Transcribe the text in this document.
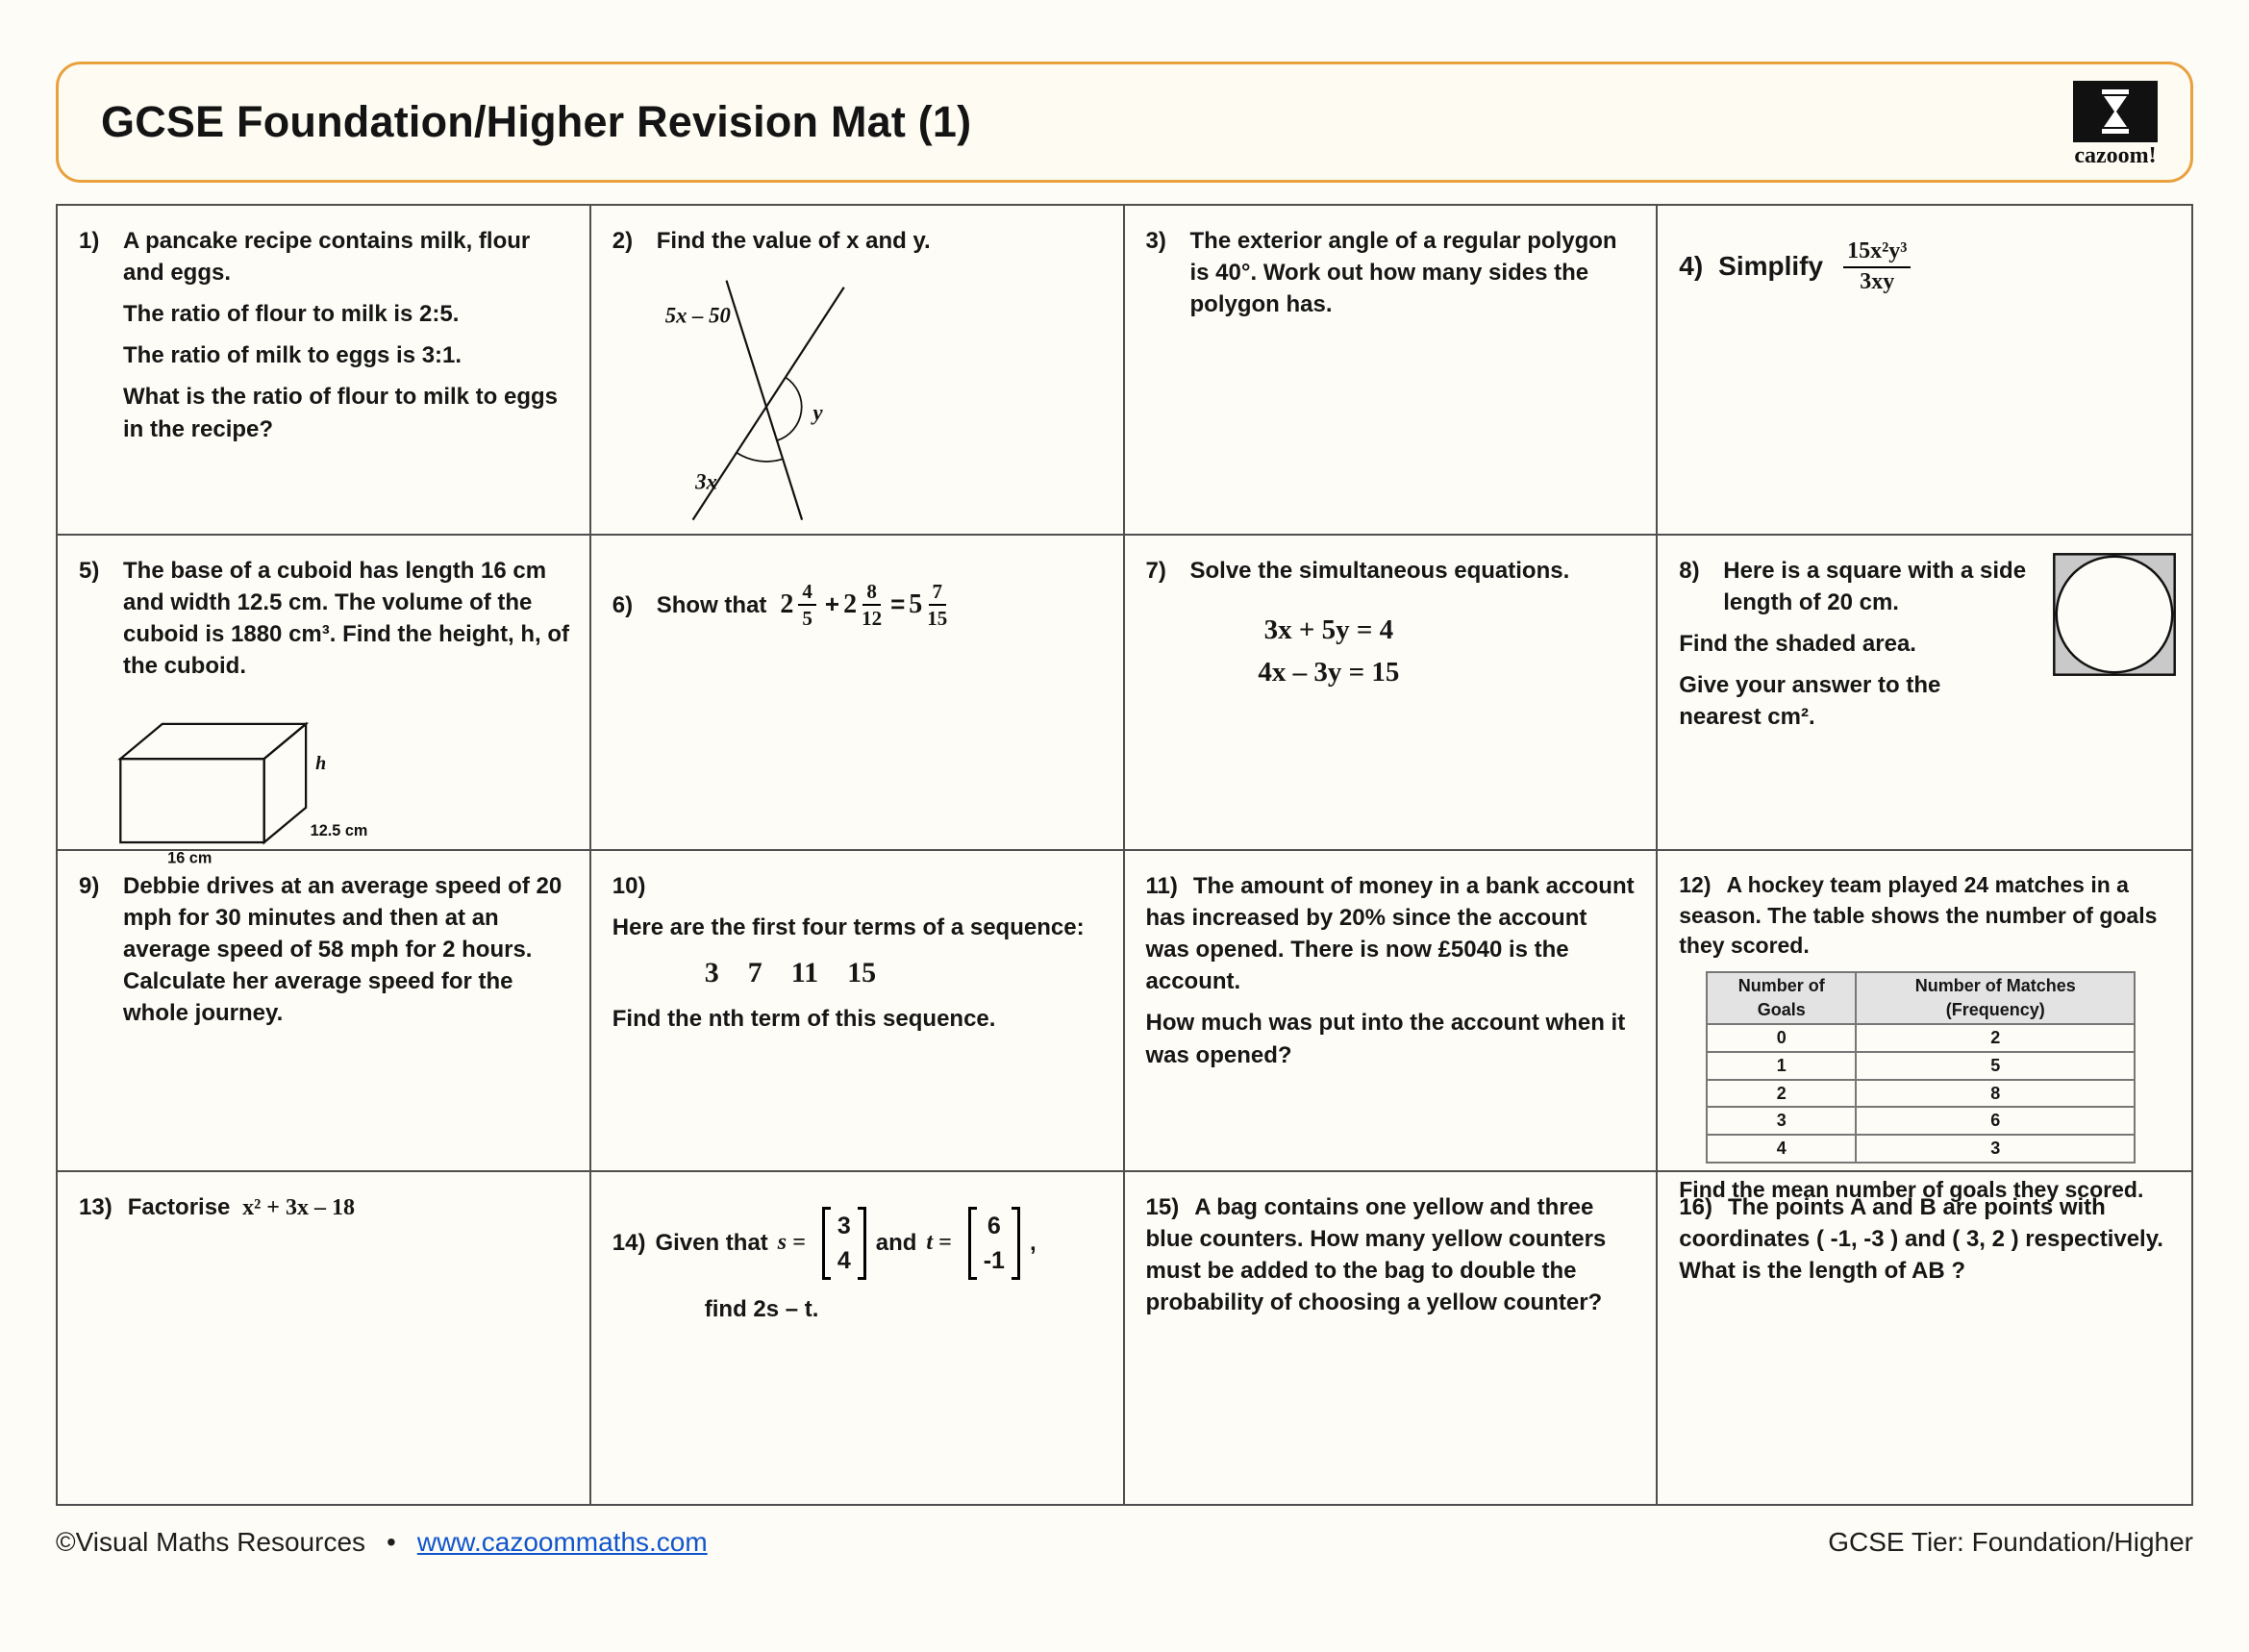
GCSE Foundation/Higher Revision Mat (1)
cazoom!
1)	A pancake recipe contains milk, flour and eggs.

The ratio of flour to milk is 2:5.

The ratio of milk to eggs is 3:1.

What is the ratio of flour to milk to eggs in the recipe?

2)	Find the value of x and y.

5x – 50
y
3x
3)	The exterior angle of a regular polygon is 40°. Work out how many sides the polygon has.

4) Simplify $\frac{\text{15x²y³}}{3xy}$
5)	The base of a cuboid has length 16 cm and width 12.5 cm. The volume of the cuboid is 1880 cm³. Find the height, h, of the cuboid.

h
12.5 cm
16 cm
6)	Show that $2 \frac{4}{5} + 2 \frac{8}{12} = 5 \frac{7}{15}$
7)	Solve the simultaneous equations.

3x + 5y = 4
4x – 3y = 15
8)	Here is a square with a side length of 20 cm.

Find the shaded area.

Give your answer to the nearest cm².

9)	Debbie drives at an average speed of 20 mph for 30 minutes and then at an average speed of 58 mph for 2 hours. Calculate her average speed for the whole journey.

10)

Here are the first four terms of a sequence:

3    7    11    15

Find the nth term of this sequence.

11) The amount of money in a bank account has increased by 20% since the account was opened. There is now £5040 is the account.

How much was put into the account when it was opened?

12) A hockey team played 24 matches in a season. The table shows the number of goals they scored.

Number of Goals	Number of Matches (Frequency)
0	2
1	5
2	8
3	6
4	3

Find the mean number of goals they scored.

13) Factorise x² + 3x – 18

14) Given that s =
3
4
and t =
6
-1
,

find 2s – t.

15) A bag contains one yellow and three blue counters. How many yellow counters must be added to the bag to double the probability of choosing a yellow counter?

16) The points A and B are points with coordinates ( -1, -3 ) and ( 3, 2 ) respectively. What is the length of AB ?

©Visual Maths Resources • www.cazoommaths.com	GCSE Tier: Foundation/Higher
